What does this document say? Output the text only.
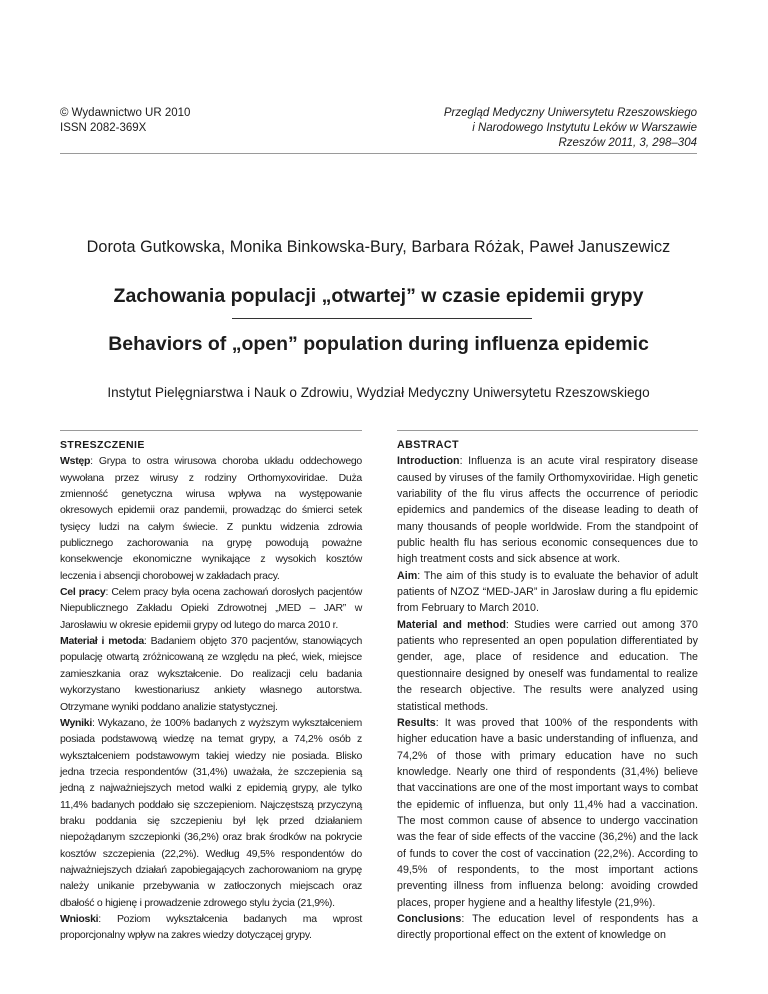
© Wydawnictwo UR 2010
ISSN 2082-369X
Przegląd Medyczny Uniwersytetu Rzeszowskiego
i Narodowego Instytutu Leków w Warszawie
Rzeszów 2011, 3, 298–304
Dorota Gutkowska, Monika Binkowska-Bury, Barbara Różak, Paweł Januszewicz
Zachowania populacji „otwartej” w czasie epidemii grypy
Behaviors of „open” population during influenza epidemic
Instytut Pielęgniarstwa i Nauk o Zdrowiu, Wydział Medyczny Uniwersytetu Rzeszowskiego

STRESZCZENIE

Wstęp: Grypa to ostra wirusowa choroba układu oddechowego wywołana przez wirusy z rodziny Orthomyxoviridae. Duża zmienność genetyczna wirusa wpływa na występowanie okresowych epidemii oraz pandemii, prowadząc do śmierci setek tysięcy ludzi na całym świecie. Z punktu widzenia zdrowia publicznego zachorowania na grypę powodują poważne konsekwencje ekonomiczne wynikające z wysokich kosztów leczenia i absencji chorobowej w zakładach pracy.

Cel pracy: Celem pracy była ocena zachowań dorosłych pacjentów Niepublicznego Zakładu Opieki Zdrowotnej „MED – JAR” w Jarosławiu w okresie epidemii grypy od lutego do marca 2010 r.

Materiał i metoda: Badaniem objęto 370 pacjentów, stanowiących populację otwartą zróżnicowaną ze względu na płeć, wiek, miejsce zamieszkania oraz wykształcenie. Do realizacji celu badania wykorzystano kwestionariusz ankiety własnego autorstwa. Otrzymane wyniki poddano analizie statystycznej.

Wyniki: Wykazano, że 100% badanych z wyższym wykształceniem posiada podstawową wiedzę na temat grypy, a 74,2% osób z wykształceniem podstawowym takiej wiedzy nie posiada. Blisko jedna trzecia respondentów (31,4%) uważała, że szczepienia są jedną z najważniejszych metod walki z epidemią grypy, ale tylko 11,4% badanych poddało się szczepieniom. Najczęstszą przyczyną braku poddania się szczepieniu był lęk przed działaniem niepożądanym szczepionki (36,2%) oraz brak środków na pokrycie kosztów szczepienia (22,2%). Według 49,5% respondentów do najważniejszych działań zapobiegających zachorowaniom na grypę należy unikanie przebywania w zatłoczonych miejscach oraz dbałość o higienę i prowadzenie zdrowego stylu życia (21,9%).

Wnioski: Poziom wykształcenia badanych ma wprost proporcjonalny wpływ na zakres wiedzy dotyczącej grypy.

ABSTRACT

Introduction: Influenza is an acute viral respiratory disease caused by viruses of the family Orthomyxoviridae. High genetic variability of the flu virus affects the occurrence of periodic epidemics and pandemics of the disease leading to death of many thousands of people worldwide. From the standpoint of public health flu has serious economic consequences due to high treatment costs and sick absence at work.

Aim: The aim of this study is to evaluate the behavior of adult patients of NZOZ “MED-JAR” in Jarosław during a flu epidemic from February to March 2010.

Material and method: Studies were carried out among 370 patients who represented an open population differentiated by gender, age, place of residence and education. The questionnaire designed by oneself was fundamental to realize the research objective. The results were analyzed using statistical methods.

Results: It was proved that 100% of the respondents with higher education have a basic understanding of influenza, and 74,2% of those with primary education have no such knowledge. Nearly one third of respondents (31,4%) believe that vaccinations are one of the most important ways to combat the epidemic of influenza, but only 11,4% had a vaccination. The most common cause of absence to undergo vaccination was the fear of side effects of the vaccine (36,2%) and the lack of funds to cover the cost of vaccination (22,2%). According to 49,5% of respondents, to the most important actions preventing illness from influenza belong: avoiding crowded places, proper hygiene and a healthy lifestyle (21,9%).

Conclusions: The education level of respondents has a directly proportional effect on the extent of knowledge on
